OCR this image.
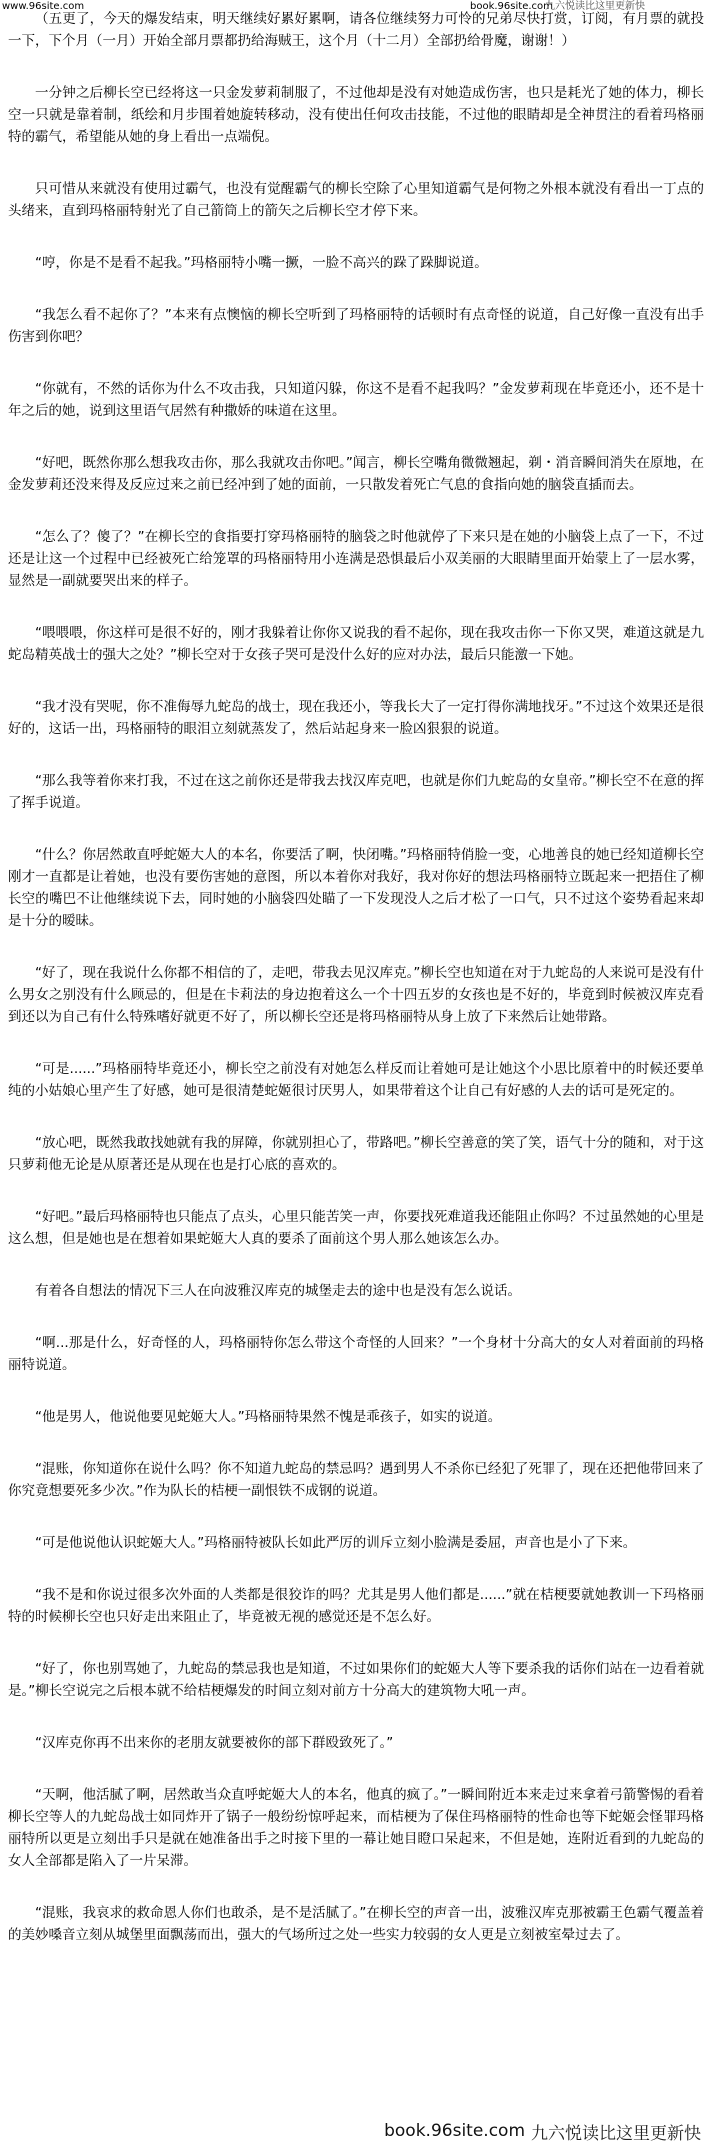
www.96site.com	book.96site.com
九六悦读比这里更新快

（五更了，今天的爆发结束，明天继续好累好累啊，请各位继续努力可怜的兄弟尽快打赏，订阅，有月票的就投一下，下个月（一月）开始全部月票都扔给海贼王，这个月（十二月）全部扔给骨魔，谢谢！）

一分钟之后柳长空已经将这一只金发萝莉制服了，不过他却是没有对她造成伤害，也只是耗光了她的体力，柳长空一只就是靠着制，纸绘和月步围着她旋转移动，没有使出任何攻击技能，不过他的眼睛却是全神贯注的看着玛格丽特的霸气，希望能从她的身上看出一点端倪。

只可惜从来就没有使用过霸气，也没有觉醒霸气的柳长空除了心里知道霸气是何物之外根本就没有看出一丁点的头绪来，直到玛格丽特射光了自己箭筒上的箭矢之后柳长空才停下来。

“哼，你是不是看不起我。”玛格丽特小嘴一撅，一脸不高兴的跺了跺脚说道。

“我怎么看不起你了？”本来有点懊恼的柳长空听到了玛格丽特的话顿时有点奇怪的说道，自己好像一直没有出手伤害到你吧？

“你就有，不然的话你为什么不攻击我，只知道闪躲，你这不是看不起我吗？”金发萝莉现在毕竟还小，还不是十年之后的她，说到这里语气居然有种撒娇的味道在这里。

“好吧，既然你那么想我攻击你，那么我就攻击你吧。”闻言，柳长空嘴角微微翘起，剃・消音瞬间消失在原地，在金发萝莉还没来得及反应过来之前已经冲到了她的面前，一只散发着死亡气息的食指向她的脑袋直插而去。

“怎么了？傻了？”在柳长空的食指要打穿玛格丽特的脑袋之时他就停了下来只是在她的小脑袋上点了一下，不过还是让这一个过程中已经被死亡给笼罩的玛格丽特用小连满是恐惧最后小双美丽的大眼睛里面开始蒙上了一层水雾，显然是一副就要哭出来的样子。

“喂喂喂，你这样可是很不好的，刚才我躲着让你你又说我的看不起你，现在我攻击你一下你又哭，难道这就是九蛇岛精英战士的强大之处？”柳长空对于女孩子哭可是没什么好的应对办法，最后只能激一下她。

“我才没有哭呢，你不准侮辱九蛇岛的战士，现在我还小，等我长大了一定打得你满地找牙。”不过这个效果还是很好的，这话一出，玛格丽特的眼泪立刻就蒸发了，然后站起身来一脸凶狠狠的说道。

“那么我等着你来打我，不过在这之前你还是带我去找汉库克吧，也就是你们九蛇岛的女皇帝。”柳长空不在意的挥了挥手说道。

“什么？你居然敢直呼蛇姬大人的本名，你要活了啊，快闭嘴。”玛格丽特俏脸一变，心地善良的她已经知道柳长空刚才一直都是让着她，也没有要伤害她的意图，所以本着你对我好，我对你好的想法玛格丽特立既起来一把捂住了柳长空的嘴巴不让他继续说下去，同时她的小脑袋四处瞄了一下发现没人之后才松了一口气，只不过这个姿势看起来却是十分的暧昧。

“好了，现在我说什么你都不相信的了，走吧，带我去见汉库克。”柳长空也知道在对于九蛇岛的人来说可是没有什么男女之别没有什么顾忌的，但是在卡莉法的身边抱着这么一个十四五岁的女孩也是不好的，毕竟到时候被汉库克看到还以为自己有什么特殊嗜好就更不好了，所以柳长空还是将玛格丽特从身上放了下来然后让她带路。

“可是......”玛格丽特毕竟还小，柳长空之前没有对她怎么样反而让着她可是让她这个小思比原着中的时候还要单纯的小姑娘心里产生了好感，她可是很清楚蛇姬很讨厌男人，如果带着这个让自己有好感的人去的话可是死定的。

“放心吧，既然我敢找她就有我的屏障，你就别担心了，带路吧。”柳长空善意的笑了笑，语气十分的随和，对于这只萝莉他无论是从原著还是从现在也是打心底的喜欢的。

“好吧。”最后玛格丽特也只能点了点头，心里只能苦笑一声，你要找死难道我还能阻止你吗？不过虽然她的心里是这么想，但是她也是在想着如果蛇姬大人真的要杀了面前这个男人那么她该怎么办。

有着各自想法的情况下三人在向波雅汉库克的城堡走去的途中也是没有怎么说话。

“啊...那是什么，好奇怪的人，玛格丽特你怎么带这个奇怪的人回来？”一个身材十分高大的女人对着面前的玛格丽特说道。

“他是男人，他说他要见蛇姬大人。”玛格丽特果然不愧是乖孩子，如实的说道。

“混账，你知道你在说什么吗？你不知道九蛇岛的禁忌吗？遇到男人不杀你已经犯了死罪了，现在还把他带回来了你究竟想要死多少次。”作为队长的桔梗一副恨铁不成钢的说道。

“可是他说他认识蛇姬大人。”玛格丽特被队长如此严厉的训斥立刻小脸满是委屈，声音也是小了下来。

“我不是和你说过很多次外面的人类都是很狡诈的吗？尤其是男人他们都是......”就在桔梗要就她教训一下玛格丽特的时候柳长空也只好走出来阻止了，毕竟被无视的感觉还是不怎么好。

“好了，你也别骂她了，九蛇岛的禁忌我也是知道，不过如果你们的蛇姬大人等下要杀我的话你们站在一边看着就是。”柳长空说完之后根本就不给桔梗爆发的时间立刻对前方十分高大的建筑物大吼一声。

“汉库克你再不出来你的老朋友就要被你的部下群殴致死了。”

“天啊，他活腻了啊，居然敢当众直呼蛇姬大人的本名，他真的疯了。”一瞬间附近本来走过来拿着弓箭警惕的看着柳长空等人的九蛇岛战士如同炸开了锅子一般纷纷惊呼起来，而桔梗为了保住玛格丽特的性命也等下蛇姬会怪罪玛格丽特所以更是立刻出手只是就在她准备出手之时接下里的一幕让她目瞪口呆起来，不但是她，连附近看到的九蛇岛的女人全部都是陷入了一片呆滞。

“混账，我哀求的救命恩人你们也敢杀，是不是活腻了。”在柳长空的声音一出，波雅汉库克那被霸王色霸气覆盖着的美妙嗓音立刻从城堡里面飘荡而出，强大的气场所过之处一些实力较弱的女人更是立刻被室晕过去了。

book.96site.com 九六悦读比这里更新快
